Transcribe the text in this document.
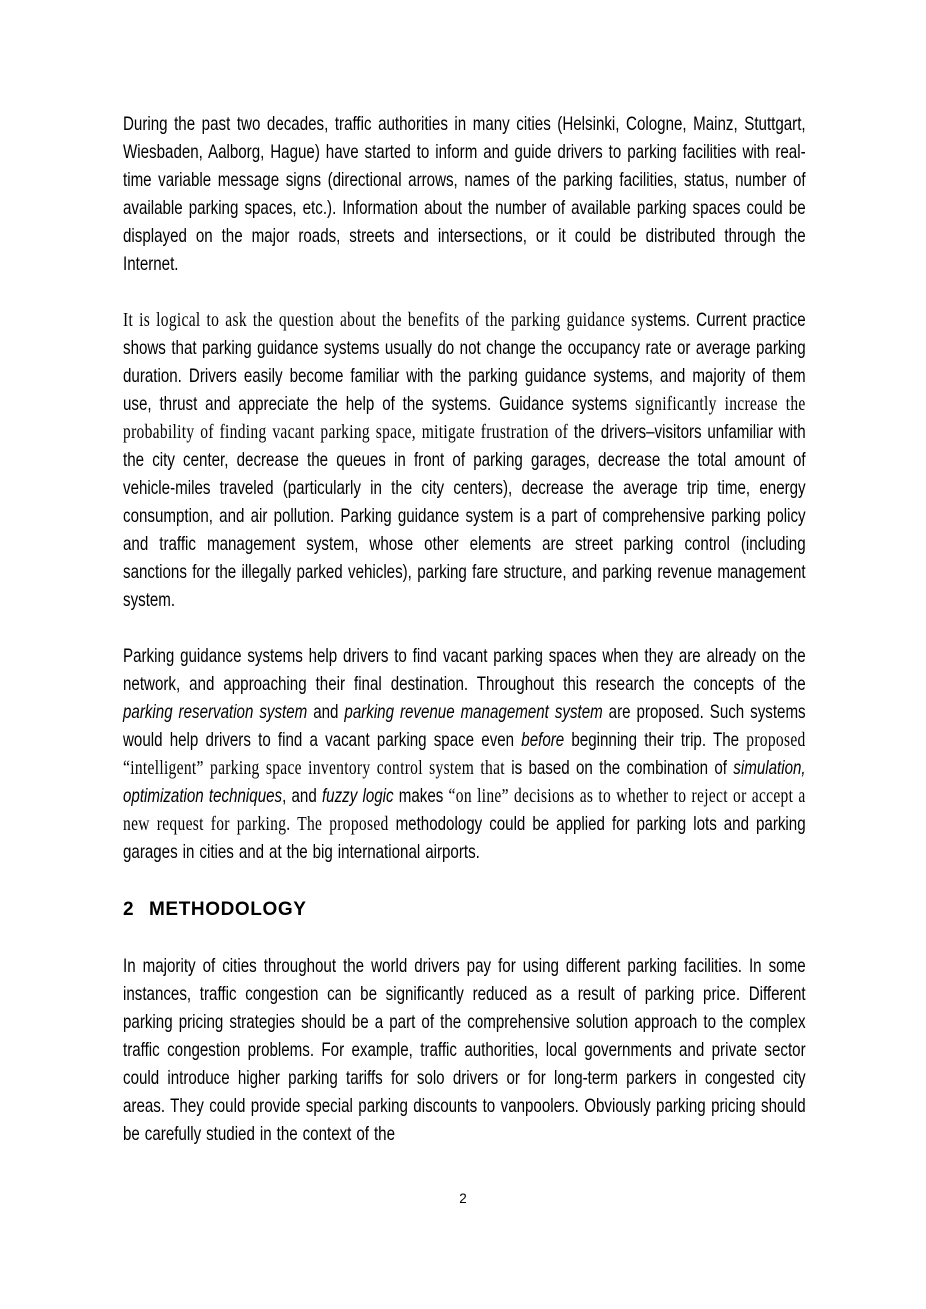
During the past two decades, traffic authorities in many cities (Helsinki, Cologne, Mainz, Stuttgart, Wiesbaden, Aalborg, Hague) have started to inform and guide drivers to parking facilities with real-time variable message signs (directional arrows, names of the parking facilities, status, number of available parking spaces, etc.). Information about the number of available parking spaces could be displayed on the major roads, streets and intersections, or it could be distributed through the Internet.

It is logical to ask the question about the benefits of the parking guidance systems. Current practice shows that parking guidance systems usually do not change the occupancy rate or average parking duration. Drivers easily become familiar with the parking guidance systems, and majority of them use, thrust and appreciate the help of the systems. Guidance systems significantly increase the probability of finding vacant parking space, mitigate frustration of the drivers–visitors unfamiliar with the city center, decrease the queues in front of parking garages, decrease the total amount of vehicle-miles traveled (particularly in the city centers), decrease the average trip time, energy consumption, and air pollution. Parking guidance system is a part of comprehensive parking policy and traffic management system, whose other elements are street parking control (including sanctions for the illegally parked vehicles), parking fare structure, and parking revenue management system.

Parking guidance systems help drivers to find vacant parking spaces when they are already on the network, and approaching their final destination. Throughout this research the concepts of the parking reservation system and parking revenue management system are proposed. Such systems would help drivers to find a vacant parking space even before beginning their trip. The proposed “intelligent” parking space inventory control system that is based on the combination of simulation, optimization techniques, and fuzzy logic makes “on line” decisions as to whether to reject or accept a new request for parking. The proposed methodology could be applied for parking lots and parking garages in cities and at the big international airports.

2 METHODOLOGY

In majority of cities throughout the world drivers pay for using different parking facilities. In some instances, traffic congestion can be significantly reduced as a result of parking price. Different parking pricing strategies should be a part of the comprehensive solution approach to the complex traffic congestion problems. For example, traffic authorities, local governments and private sector could introduce higher parking tariffs for solo drivers or for long-term parkers in congested city areas. They could provide special parking discounts to vanpoolers. Obviously parking pricing should be carefully studied in the context of the

2
